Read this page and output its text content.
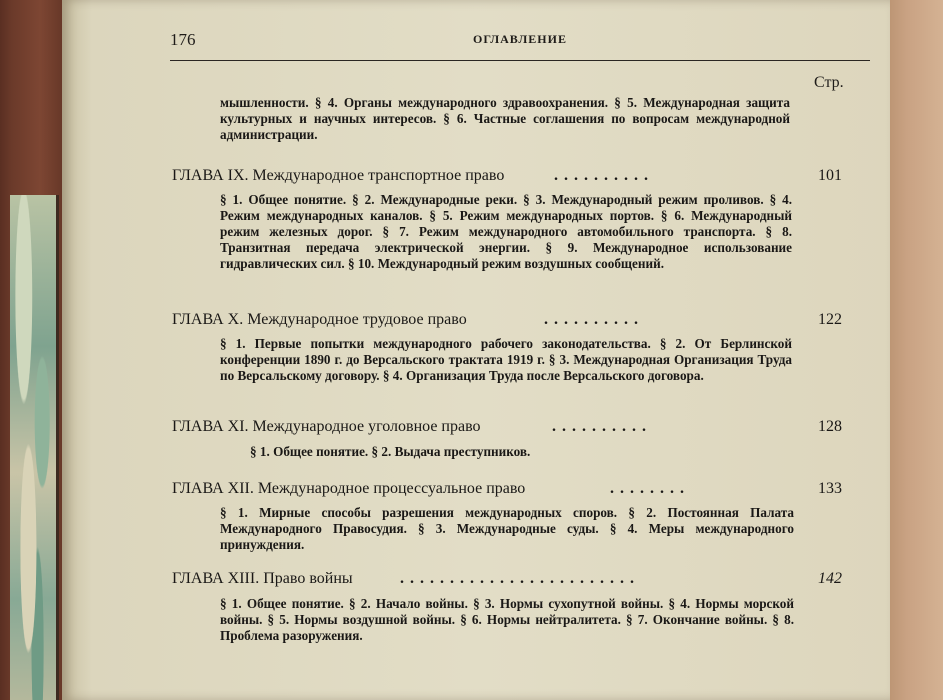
176	ОГЛАВЛЕНИЕ
Стр.
мышленности. § 4. Органы международного здравоохранения. § 5. Международная защита культурных и научных интересов. § 6. Частные соглашения по вопросам международной администрации.
ГЛАВА IX. Международное транспортное право	..........	101
§ 1. Общее понятие. § 2. Международные реки. § 3. Международный режим проливов. § 4. Режим международных каналов. § 5. Режим международных портов. § 6. Международный режим железных дорог. § 7. Режим международного автомобильного транспорта. § 8. Транзитная передача электрической энергии. § 9. Международное использование гидравлических сил. § 10. Международный режим воздушных сообщений.
ГЛАВА X. Международное трудовое право	..........	122
§ 1. Первые попытки международного рабочего законодательства. § 2. От Берлинской конференции 1890 г. до Версальского трактата 1919 г. § 3. Международная Организация Труда по Версальскому договору. § 4. Организация Труда после Версальского договора.
ГЛАВА XI. Международное уголовное право	..........	128
§ 1. Общее понятие. § 2. Выдача преступников.
ГЛАВА XII. Международное процессуальное право	........	133
§ 1. Мирные способы разрешения международных споров. § 2. Постоянная Палата Международного Правосудия. § 3. Международные суды. § 4. Меры международного принуждения.
ГЛАВА XIII. Право войны	........................	142
§ 1. Общее понятие. § 2. Начало войны. § 3. Нормы сухопутной войны. § 4. Нормы морской войны. § 5. Нормы воздушной войны. § 6. Нормы нейтралитета. § 7. Окончание войны. § 8. Проблема разоружения.
